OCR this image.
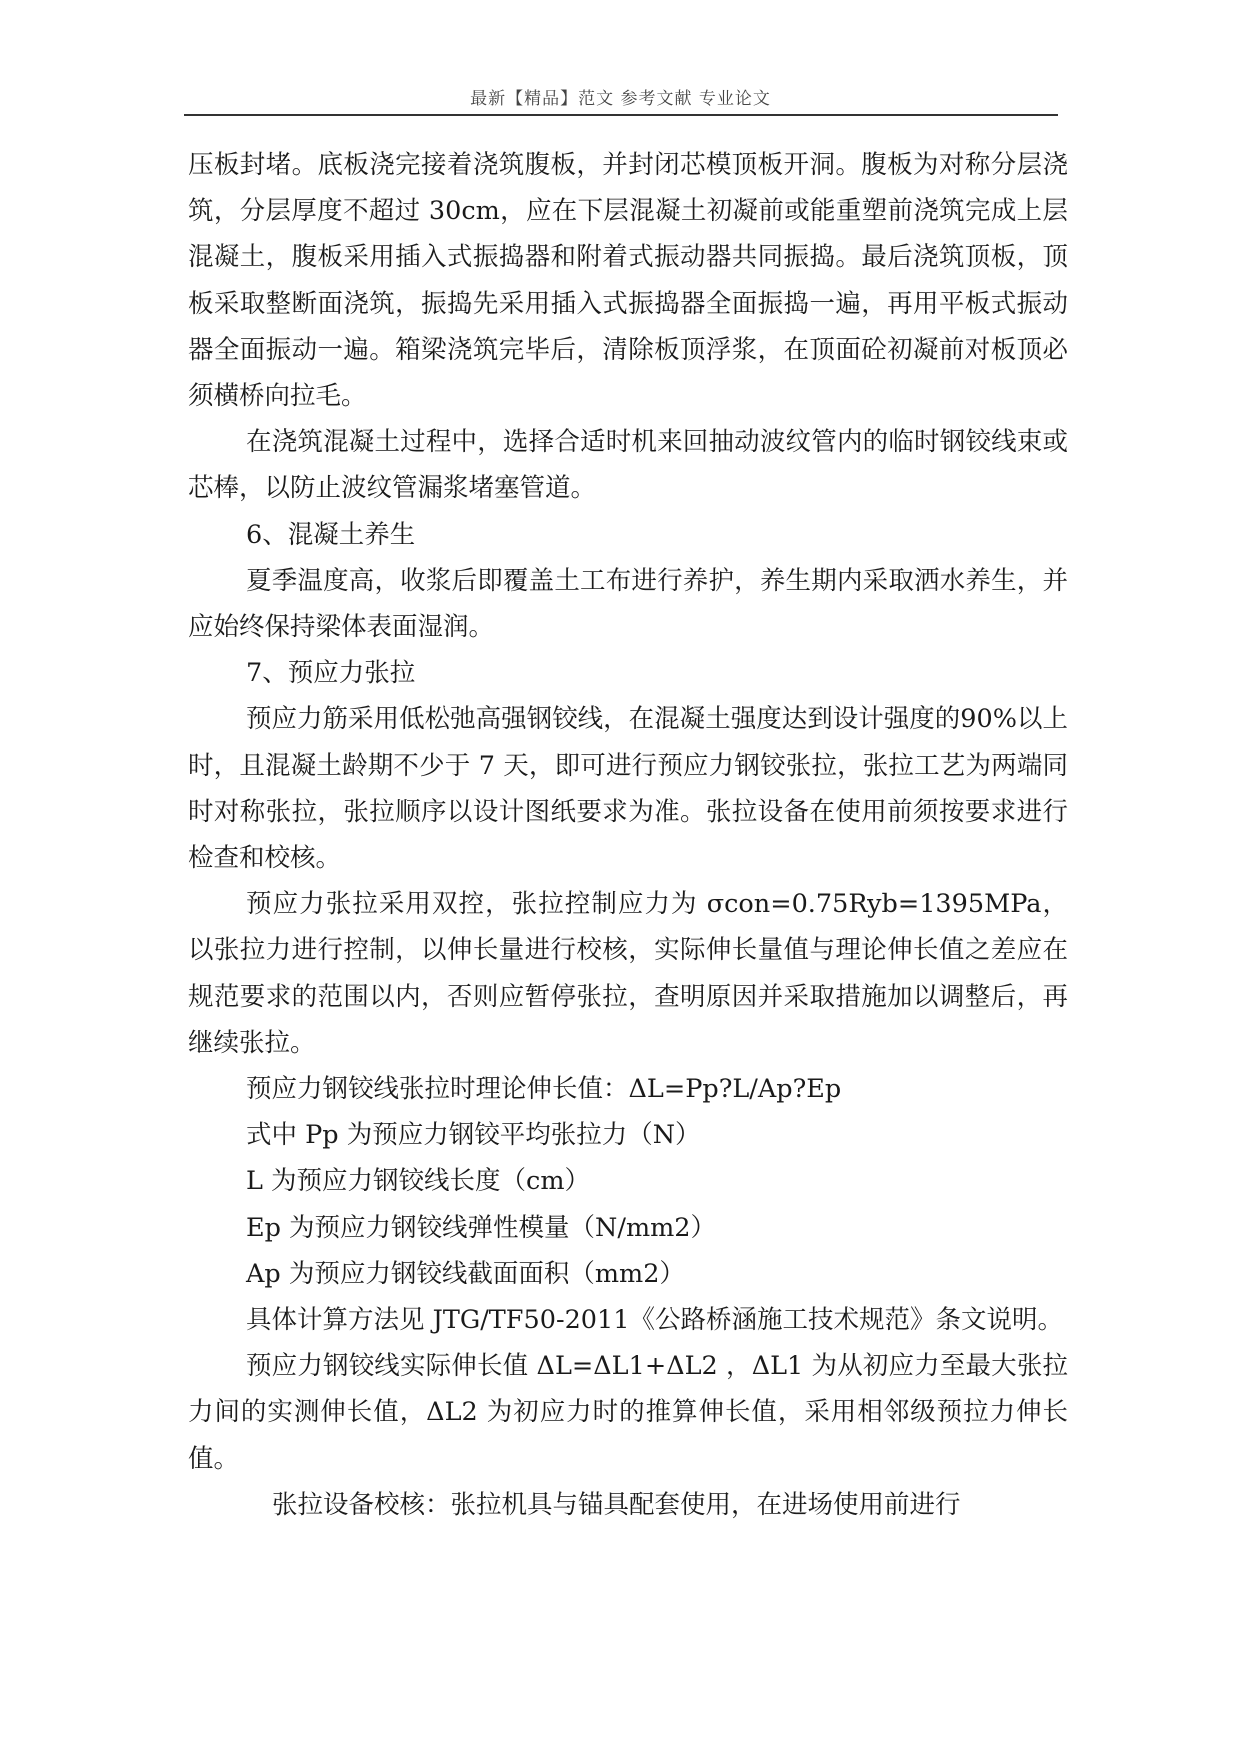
最新【精品】范文 参考文献 专业论文

压板封堵。底板浇完接着浇筑腹板，并封闭芯模顶板开洞。腹板为对称分层浇筑，分层厚度不超过 30cm，应在下层混凝土初凝前或能重塑前浇筑完成上层混凝土，腹板采用插入式振捣器和附着式振动器共同振捣。最后浇筑顶板，顶板采取整断面浇筑，振捣先采用插入式振捣器全面振捣一遍，再用平板式振动器全面振动一遍。箱梁浇筑完毕后，清除板顶浮浆，在顶面砼初凝前对板顶必须横桥向拉毛。

在浇筑混凝土过程中，选择合适时机来回抽动波纹管内的临时钢铰线束或芯棒，以防止波纹管漏浆堵塞管道。

6、混凝土养生

夏季温度高，收浆后即覆盖土工布进行养护，养生期内采取洒水养生，并应始终保持梁体表面湿润。

7、预应力张拉

预应力筋采用低松弛高强钢铰线，在混凝土强度达到设计强度的90%以上时，且混凝土龄期不少于 7 天，即可进行预应力钢铰张拉，张拉工艺为两端同时对称张拉，张拉顺序以设计图纸要求为准。张拉设备在使用前须按要求进行检查和校核。

预应力张拉采用双控，张拉控制应力为 σcon=0.75Ryb=1395MPa，以张拉力进行控制，以伸长量进行校核，实际伸长量值与理论伸长值之差应在规范要求的范围以内，否则应暂停张拉，查明原因并采取措施加以调整后，再继续张拉。

预应力钢铰线张拉时理论伸长值：ΔL=Pp?L/Ap?Ep

式中 Pp 为预应力钢铰平均张拉力（N）

L 为预应力钢铰线长度（cm）

Ep 为预应力钢铰线弹性模量（N/mm2）

Ap 为预应力钢铰线截面面积（mm2）

具体计算方法见 JTG/TF50-2011《公路桥涵施工技术规范》条文说明。

预应力钢铰线实际伸长值 ΔL=ΔL1+ΔL2 ，ΔL1 为从初应力至最大张拉力间的实测伸长值，ΔL2 为初应力时的推算伸长值，采用相邻级预拉力伸长值。

张拉设备校核：张拉机具与锚具配套使用，在进场使用前进行
